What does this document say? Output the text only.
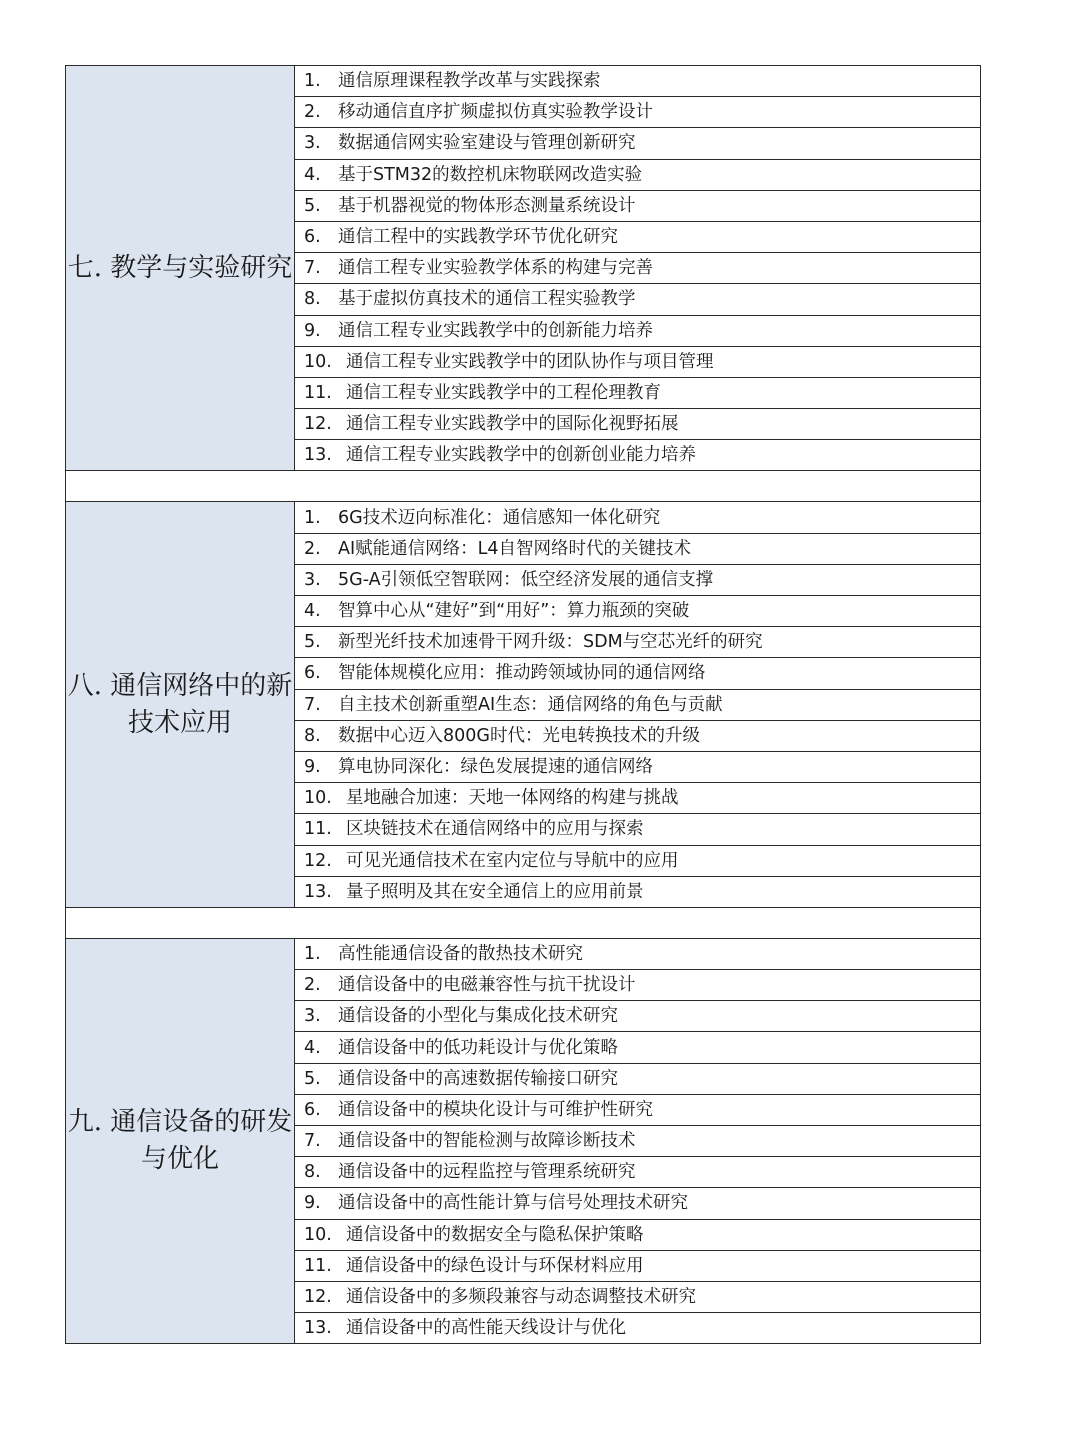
七. 教学与实验研究	1. 通信原理课程教学改革与实践探索
	2. 移动通信直序扩频虚拟仿真实验教学设计
	3. 数据通信网实验室建设与管理创新研究
	4. 基于STM32的数控机床物联网改造实验
	5. 基于机器视觉的物体形态测量系统设计
	6. 通信工程中的实践教学环节优化研究
	7. 通信工程专业实验教学体系的构建与完善
	8. 基于虚拟仿真技术的通信工程实验教学
	9. 通信工程专业实践教学中的创新能力培养
	10. 通信工程专业实践教学中的团队协作与项目管理
	11. 通信工程专业实践教学中的工程伦理教育
	12. 通信工程专业实践教学中的国际化视野拓展
	13. 通信工程专业实践教学中的创新创业能力培养

八. 通信网络中的新技术应用	1. 6G技术迈向标准化：通信感知一体化研究
	2. AI赋能通信网络：L4自智网络时代的关键技术
	3. 5G-A引领低空智联网：低空经济发展的通信支撑
	4. 智算中心从“建好”到“用好”：算力瓶颈的突破
	5. 新型光纤技术加速骨干网升级：SDM与空芯光纤的研究
	6. 智能体规模化应用：推动跨领域协同的通信网络
	7. 自主技术创新重塑AI生态：通信网络的角色与贡献
	8. 数据中心迈入800G时代：光电转换技术的升级
	9. 算电协同深化：绿色发展提速的通信网络
	10. 星地融合加速：天地一体网络的构建与挑战
	11. 区块链技术在通信网络中的应用与探索
	12. 可见光通信技术在室内定位与导航中的应用
	13. 量子照明及其在安全通信上的应用前景

九. 通信设备的研发与优化	1. 高性能通信设备的散热技术研究
	2. 通信设备中的电磁兼容性与抗干扰设计
	3. 通信设备的小型化与集成化技术研究
	4. 通信设备中的低功耗设计与优化策略
	5. 通信设备中的高速数据传输接口研究
	6. 通信设备中的模块化设计与可维护性研究
	7. 通信设备中的智能检测与故障诊断技术
	8. 通信设备中的远程监控与管理系统研究
	9. 通信设备中的高性能计算与信号处理技术研究
	10. 通信设备中的数据安全与隐私保护策略
	11. 通信设备中的绿色设计与环保材料应用
	12. 通信设备中的多频段兼容与动态调整技术研究
	13. 通信设备中的高性能天线设计与优化
